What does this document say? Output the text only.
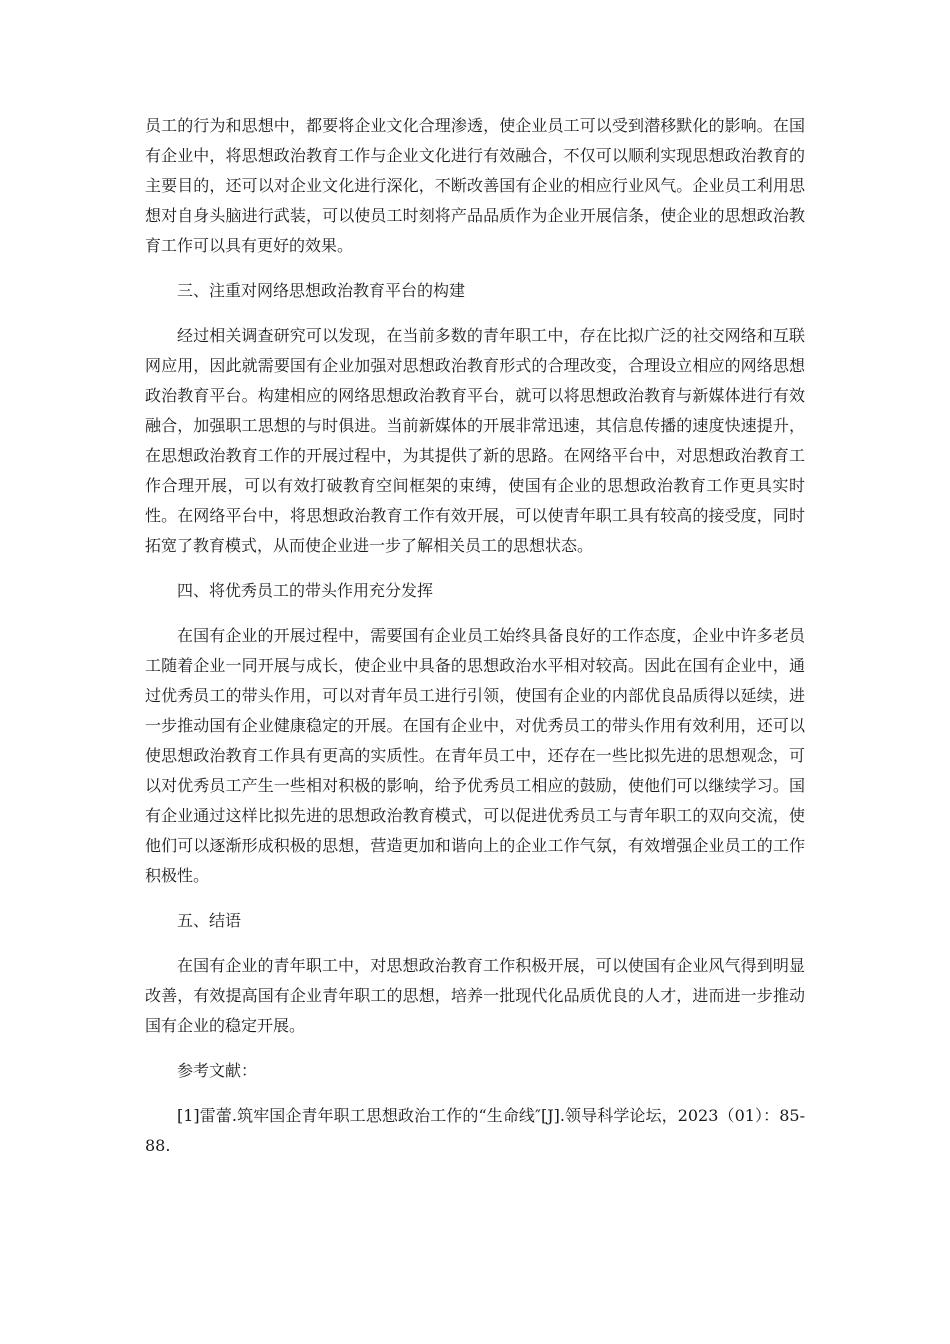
员工的行为和思想中，都要将企业文化合理渗透，使企业员工可以受到潜移默化的影响。在国有企业中，将思想政治教育工作与企业文化进行有效融合，不仅可以顺利实现思想政治教育的主要目的，还可以对企业文化进行深化，不断改善国有企业的相应行业风气。企业员工利用思想对自身头脑进行武装，可以使员工时刻将产品品质作为企业开展信条，使企业的思想政治教育工作可以具有更好的效果。

三、注重对网络思想政治教育平台的构建

经过相关调查研究可以发现，在当前多数的青年职工中，存在比拟广泛的社交网络和互联网应用，因此就需要国有企业加强对思想政治教育形式的合理改变，合理设立相应的网络思想政治教育平台。构建相应的网络思想政治教育平台，就可以将思想政治教育与新媒体进行有效融合，加强职工思想的与时俱进。当前新媒体的开展非常迅速，其信息传播的速度快速提升，在思想政治教育工作的开展过程中，为其提供了新的思路。在网络平台中，对思想政治教育工作合理开展，可以有效打破教育空间框架的束缚，使国有企业的思想政治教育工作更具实时性。在网络平台中，将思想政治教育工作有效开展，可以使青年职工具有较高的接受度，同时拓宽了教育模式，从而使企业进一步了解相关员工的思想状态。

四、将优秀员工的带头作用充分发挥

在国有企业的开展过程中，需要国有企业员工始终具备良好的工作态度，企业中许多老员工随着企业一同开展与成长，使企业中具备的思想政治水平相对较高。因此在国有企业中，通过优秀员工的带头作用，可以对青年员工进行引领，使国有企业的内部优良品质得以延续，进一步推动国有企业健康稳定的开展。在国有企业中，对优秀员工的带头作用有效利用，还可以使思想政治教育工作具有更高的实质性。在青年员工中，还存在一些比拟先进的思想观念，可以对优秀员工产生一些相对积极的影响，给予优秀员工相应的鼓励，使他们可以继续学习。国有企业通过这样比拟先进的思想政治教育模式，可以促进优秀员工与青年职工的双向交流，使他们可以逐渐形成积极的思想，营造更加和谐向上的企业工作气氛，有效增强企业员工的工作积极性。

五、结语

在国有企业的青年职工中，对思想政治教育工作积极开展，可以使国有企业风气得到明显改善，有效提高国有企业青年职工的思想，培养一批现代化品质优良的人才，进而进一步推动国有企业的稳定开展。

参考文献：

[1]雷蕾.筑牢国企青年职工思想政治工作的“生命线″[J].领导科学论坛，2023（01）：85-88.
